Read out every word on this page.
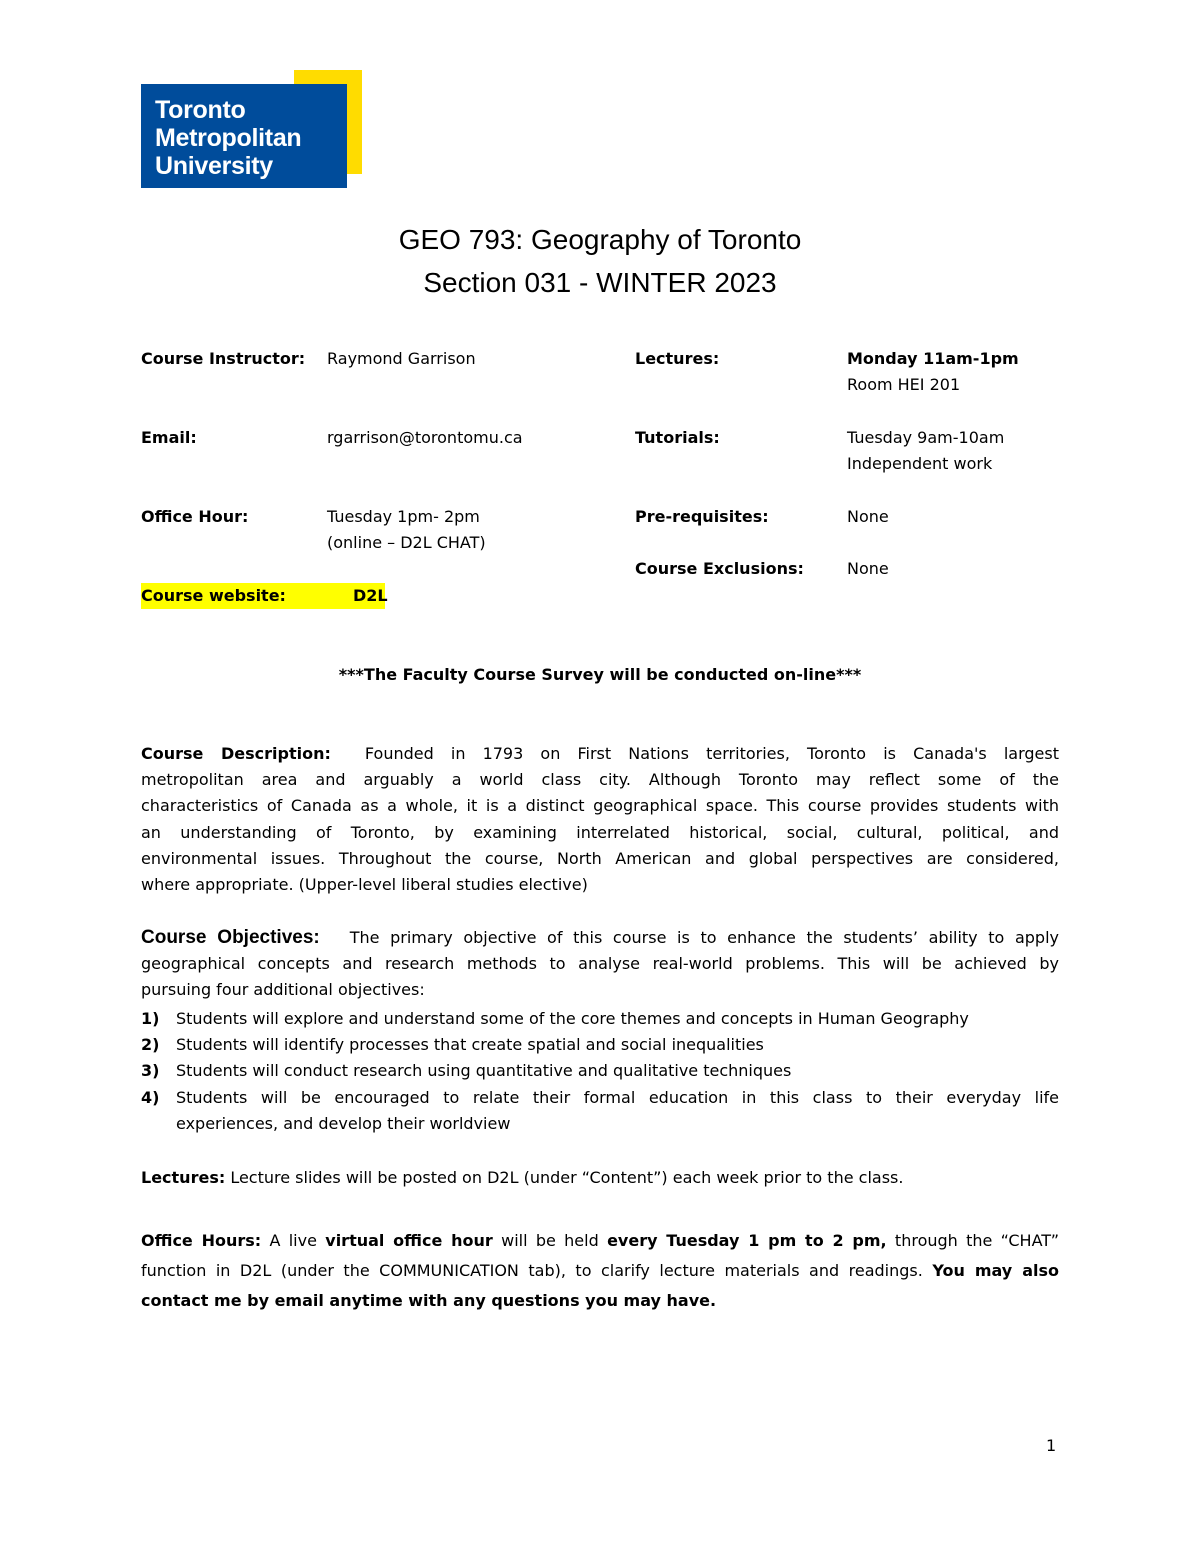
Toronto
Metropolitan
University
GEO 793: Geography of Toronto
Section 031 - WINTER 2023
Course Instructor: Raymond Garrison
Email:	rgarrison@torontomu.ca
Office Hour:	Tuesday 1pm- 2pm
(online – D2L CHAT)
Course website:	D2L
Lectures:	Monday 11am-1pm
Room HEI 201
Tutorials:	Tuesday 9am-10am
Independent work
Pre-requisites:	None
Course Exclusions:	None
***The Faculty Course Survey will be conducted on-line***
Course Description: Founded in 1793 on First Nations territories, Toronto is Canada's largest
metropolitan area and arguably a world class city. Although Toronto may reflect some of the
characteristics of Canada as a whole, it is a distinct geographical space. This course provides students with
an understanding of Toronto, by examining interrelated historical, social, cultural, political, and
environmental issues. Throughout the course, North American and global perspectives are considered,
where appropriate. (Upper-level liberal studies elective)
Course Objectives: The primary objective of this course is to enhance the students’ ability to apply
geographical concepts and research methods to analyse real-world problems. This will be achieved by
pursuing four additional objectives:
1) Students will explore and understand some of the core themes and concepts in Human Geography
2) Students will identify processes that create spatial and social inequalities
3) Students will conduct research using quantitative and qualitative techniques
4) Students will be encouraged to relate their formal education in this class to their everyday life
experiences, and develop their worldview
Lectures: Lecture slides will be posted on D2L (under “Content”) each week prior to the class.
Office Hours: A live virtual office hour will be held every Tuesday 1 pm to 2 pm, through the “CHAT”
function in D2L (under the COMMUNICATION tab), to clarify lecture materials and readings. You may also
contact me by email anytime with any questions you may have.
1
